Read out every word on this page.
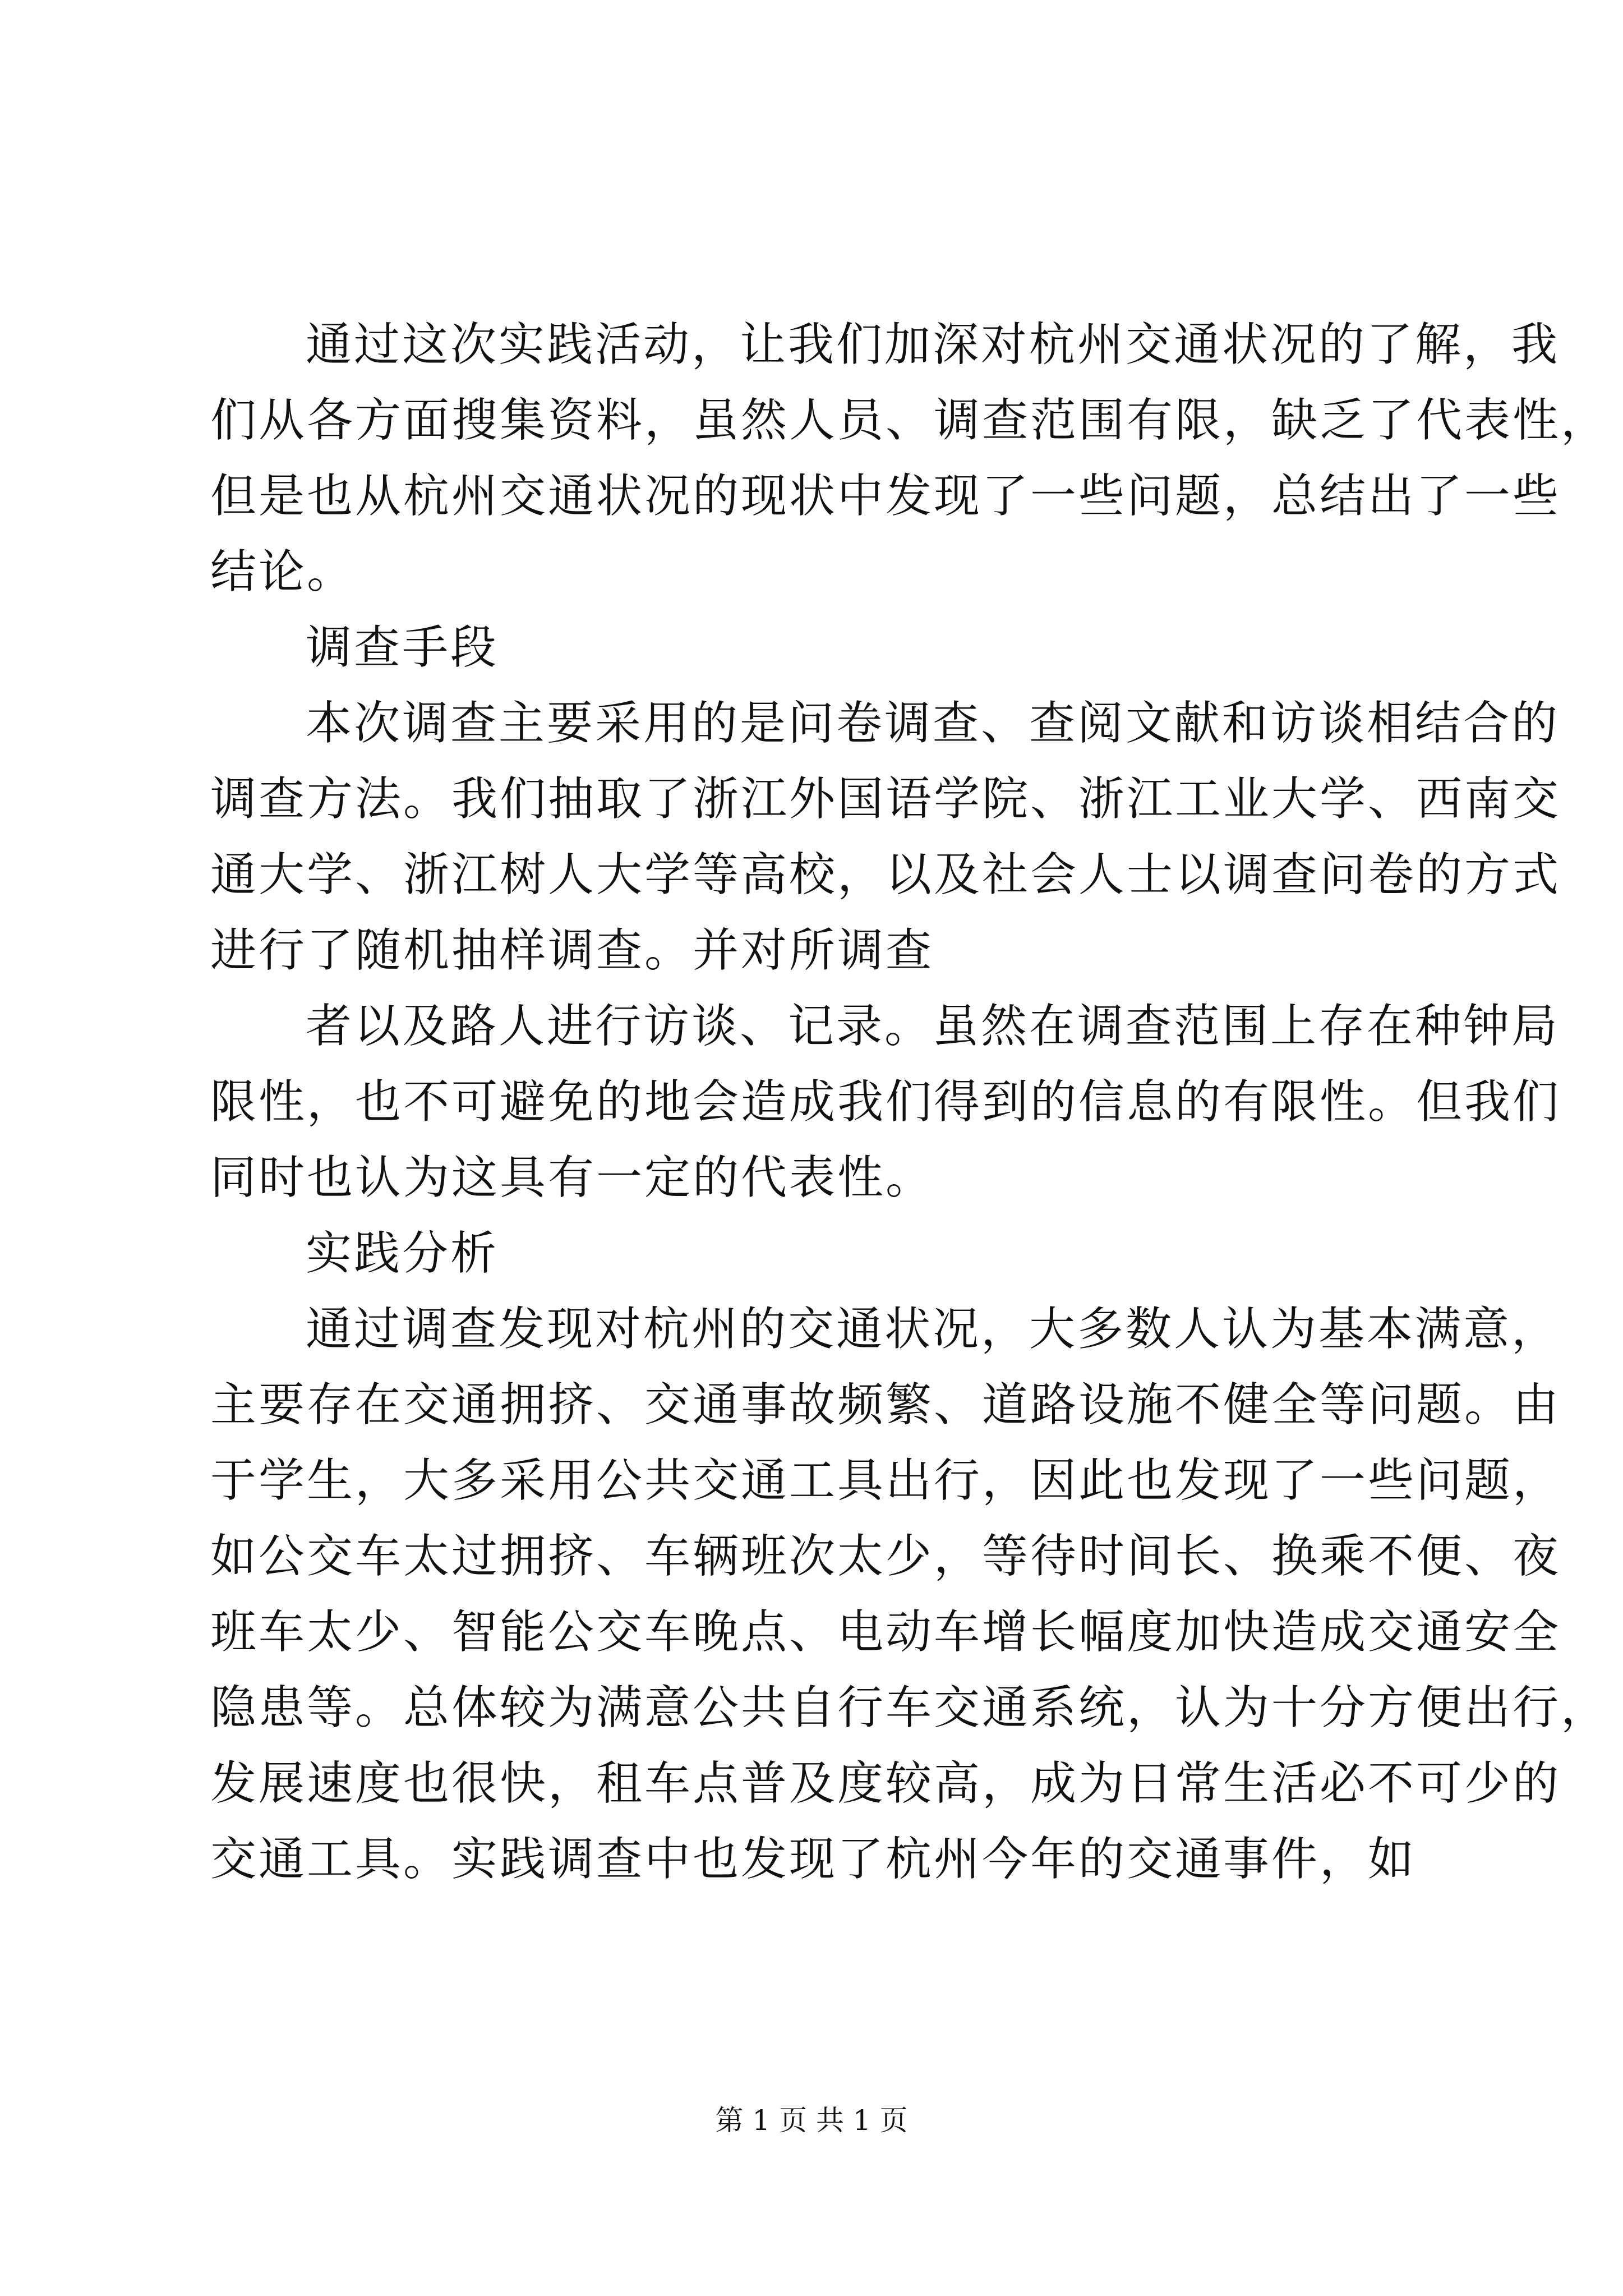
通过这次实践活动，让我们加深对杭州交通状况的了解，我

们从各方面搜集资料，虽然人员、调查范围有限，缺乏了代表性，

但是也从杭州交通状况的现状中发现了一些问题，总结出了一些

结论。

调查手段

本次调查主要采用的是问卷调查、查阅文献和访谈相结合的

调查方法。我们抽取了浙江外国语学院、浙江工业大学、西南交

通大学、浙江树人大学等高校，以及社会人士以调查问卷的方式

进行了随机抽样调查。并对所调查

者以及路人进行访谈、记录。虽然在调查范围上存在种钟局

限性，也不可避免的地会造成我们得到的信息的有限性。但我们

同时也认为这具有一定的代表性。

实践分析

通过调查发现对杭州的交通状况，大多数人认为基本满意，

主要存在交通拥挤、交通事故频繁、道路设施不健全等问题。由

于学生，大多采用公共交通工具出行，因此也发现了一些问题，

如公交车太过拥挤、车辆班次太少，等待时间长、换乘不便、夜

班车太少、智能公交车晚点、电动车增长幅度加快造成交通安全

隐患等。总体较为满意公共自行车交通系统，认为十分方便出行，

发展速度也很快，租车点普及度较高，成为日常生活必不可少的

交通工具。实践调查中也发现了杭州今年的交通事件，如

第 1 页 共 1 页
